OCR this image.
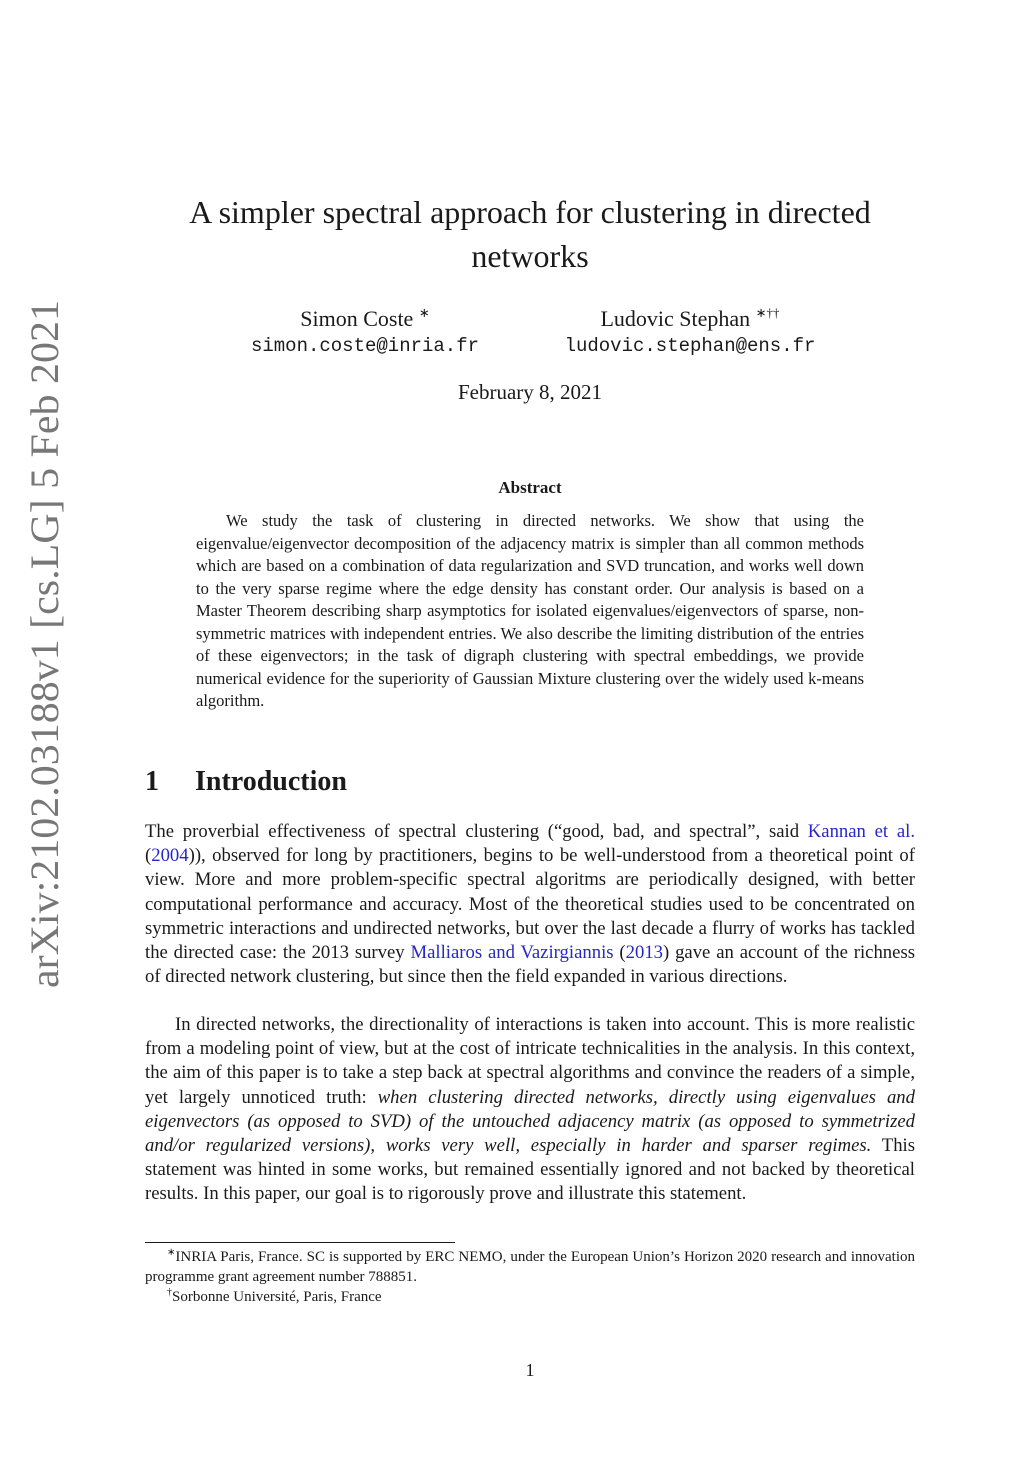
arXiv:2102.03188v1 [cs.LG] 5 Feb 2021
A simpler spectral approach for clustering in directed networks
Simon Coste ∗
simon.coste@inria.fr
Ludovic Stephan ∗††
ludovic.stephan@ens.fr
February 8, 2021
Abstract

We study the task of clustering in directed networks. We show that using the eigenvalue/eigenvector decomposition of the adjacency matrix is simpler than all common methods which are based on a combination of data regularization and SVD truncation, and works well down to the very sparse regime where the edge density has constant order. Our analysis is based on a Master Theorem describing sharp asymptotics for isolated eigenvalues/eigenvectors of sparse, non-symmetric matrices with independent entries. We also describe the limiting distribution of the entries of these eigenvectors; in the task of digraph clustering with spectral embeddings, we provide numerical evidence for the superiority of Gaussian Mixture clustering over the widely used k-means algorithm.

1 Introduction

The proverbial effectiveness of spectral clustering (“good, bad, and spectral”, said Kannan et al. (2004)), observed for long by practitioners, begins to be well-understood from a theoretical point of view. More and more problem-specific spectral algoritms are periodically designed, with better computational performance and accuracy. Most of the theoretical studies used to be concentrated on symmetric interactions and undirected networks, but over the last decade a flurry of works has tackled the directed case: the 2013 survey Malliaros and Vazirgiannis (2013) gave an account of the richness of directed network clustering, but since then the field expanded in various directions.

In directed networks, the directionality of interactions is taken into account. This is more realistic from a modeling point of view, but at the cost of intricate technicalities in the analysis. In this context, the aim of this paper is to take a step back at spectral algorithms and convince the readers of a simple, yet largely unnoticed truth: when clustering directed networks, directly using eigenvalues and eigenvectors (as opposed to SVD) of the untouched adjacency matrix (as opposed to symmetrized and/or regularized versions), works very well, especially in harder and sparser regimes. This statement was hinted in some works, but remained essentially ignored and not backed by theoretical results. In this paper, our goal is to rigorously prove and illustrate this statement.

∗INRIA Paris, France. SC is supported by ERC NEMO, under the European Union’s Horizon 2020 research and innovation programme grant agreement number 788851.

†Sorbonne Université, Paris, France

1
